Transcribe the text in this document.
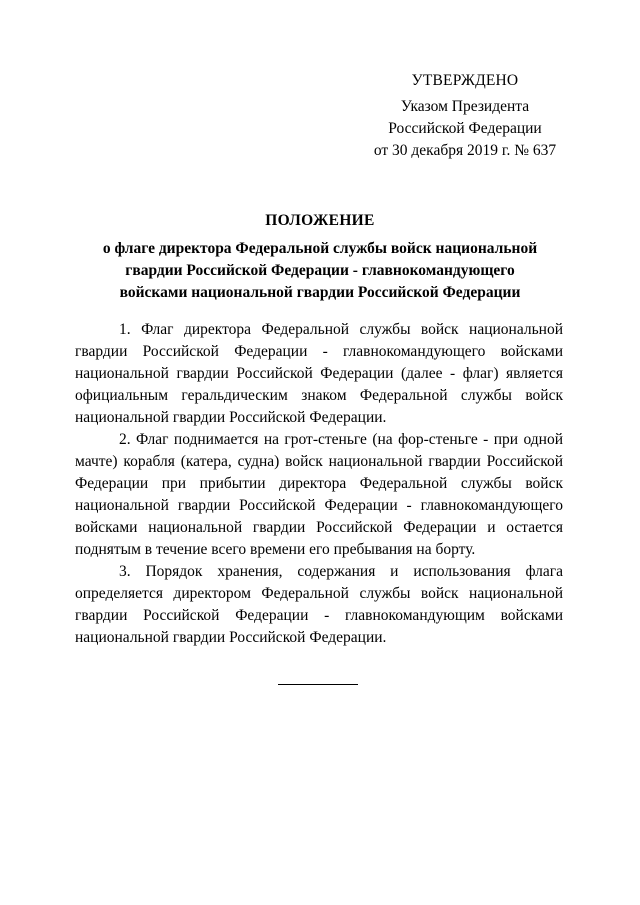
УТВЕРЖДЕНО
Указом Президента
Российской Федерации
от 30 декабря 2019 г. № 637
ПОЛОЖЕНИЕ
о флаге директора Федеральной службы войск национальной
гвардии Российской Федерации - главнокомандующего
войсками национальной гвардии Российской Федерации

1. Флаг директора Федеральной службы войск национальной гвардии Российской Федерации - главнокомандующего войсками национальной гвардии Российской Федерации (далее - флаг) является официальным геральдическим знаком Федеральной службы войск национальной гвардии Российской Федерации.

2. Флаг поднимается на грот-стеньге (на фор-стеньге - при одной мачте) корабля (катера, судна) войск национальной гвардии Российской Федерации при прибытии директора Федеральной службы войск национальной гвардии Российской Федерации - главнокомандующего войсками национальной гвардии Российской Федерации и остается поднятым в течение всего времени его пребывания на борту.

3. Порядок хранения, содержания и использования флага определяется директором Федеральной службы войск национальной гвардии Российской Федерации - главнокомандующим войсками национальной гвардии Российской Федерации.
